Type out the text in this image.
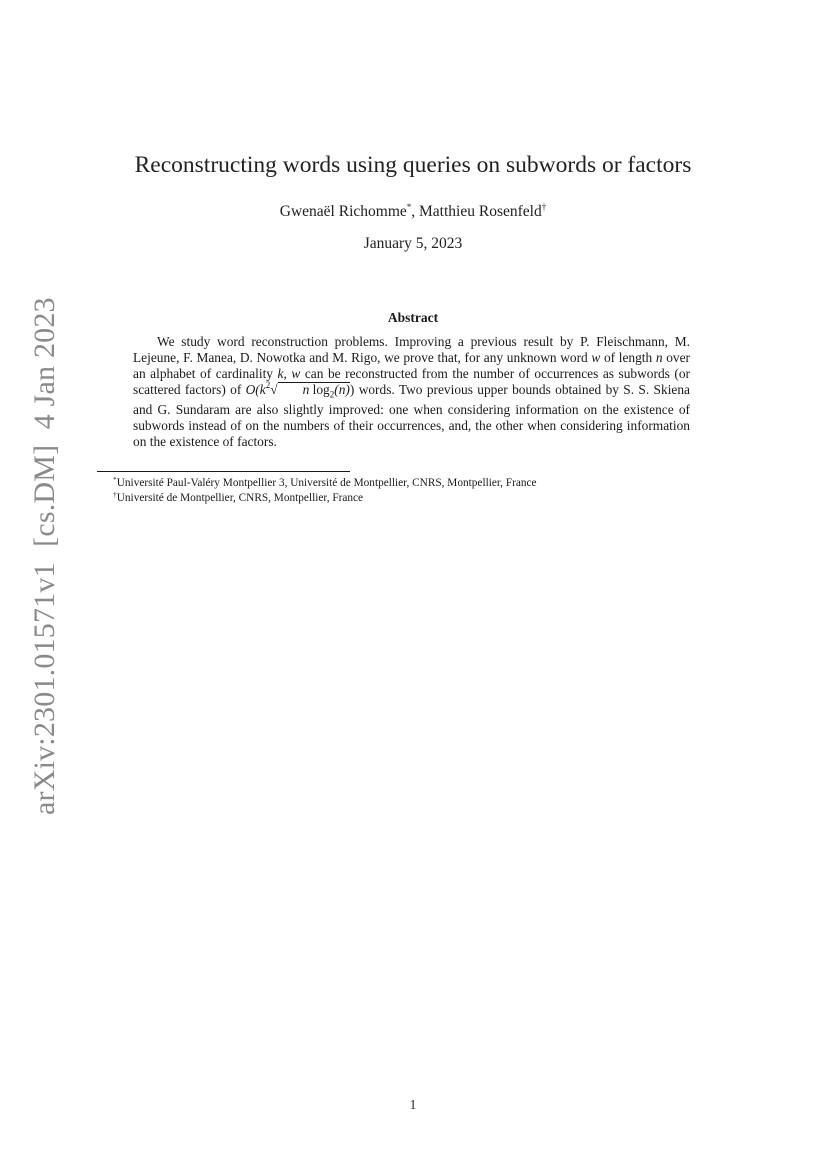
arXiv:2301.01571v1  [cs.DM]  4 Jan 2023
Reconstructing words using queries on subwords or factors
Gwenaël Richomme*, Matthieu Rosenfeld†
January 5, 2023
Abstract
We study word reconstruction problems. Improving a previous result by P. Fleischmann, M. Lejeune, F. Manea, D. Nowotka and M. Rigo, we prove that, for any unknown word w of length n over an alphabet of cardinality k, w can be reconstructed from the number of occurrences as subwords (or scattered factors) of $O(k^2√$ n $\log_2(n)$) words. Two previous upper bounds obtained by S. S. Skiena and G. Sundaram are also slightly improved: one when considering information on the existence of subwords instead of on the numbers of their occurrences, and, the other when considering information on the existence of factors.
*Université Paul-Valéry Montpellier 3, Université de Montpellier, CNRS, Montpellier, France
†Université de Montpellier, CNRS, Montpellier, France
1
